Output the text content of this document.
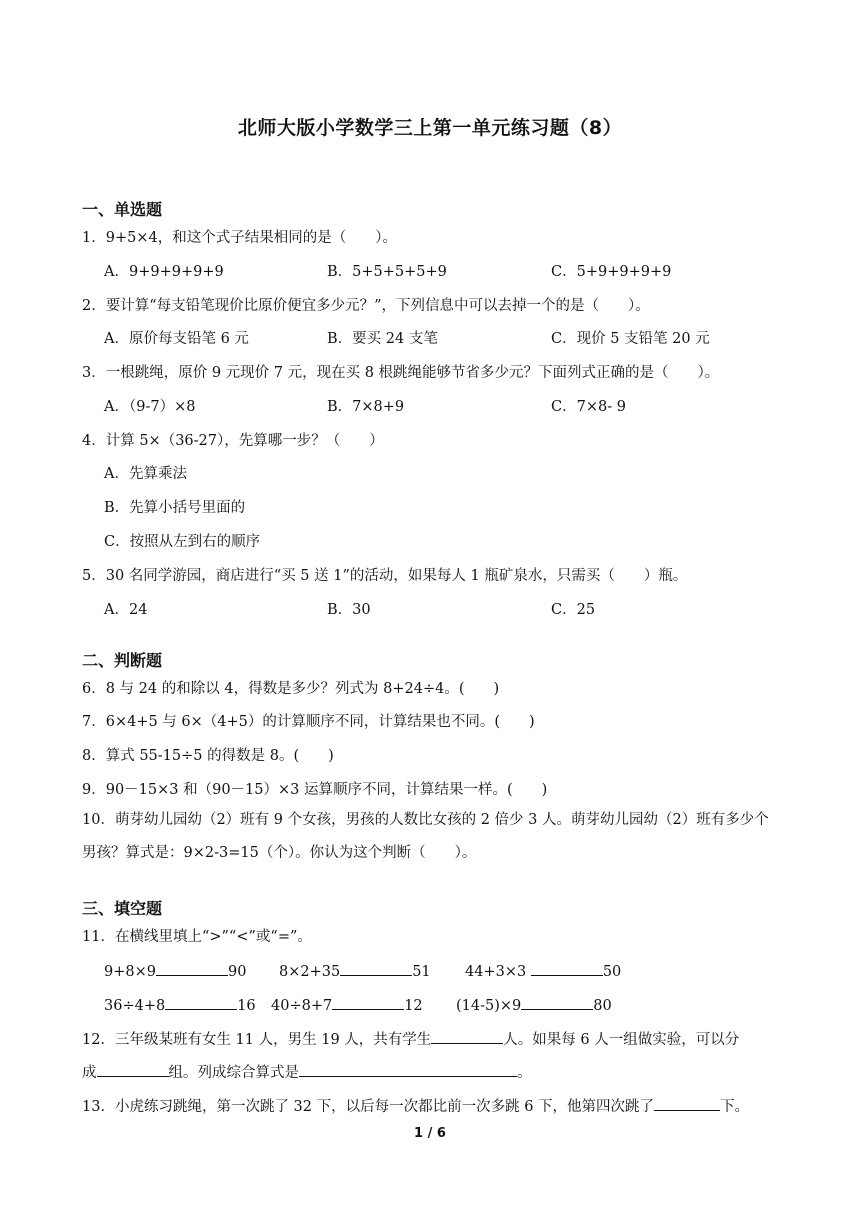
北师大版小学数学三上第一单元练习题（8）
一、单选题
1．9+5×4，和这个式子结果相同的是（　　）。
A．9+9+9+9+9	B．5+5+5+5+9	C．5+9+9+9+9
2．要计算“每支铅笔现价比原价便宜多少元？”，下列信息中可以去掉一个的是（　　）。
A．原价每支铅笔 6 元	B．要买 24 支笔	C．现价 5 支铅笔 20 元
3．一根跳绳，原价 9 元现价 7 元，现在买 8 根跳绳能够节省多少元？下面列式正确的是（　　）。
A．（9-7）×8	B．7×8+9	C．7×8- 9
4．计算 5×（36-27），先算哪一步？（　　）
A．先算乘法
B．先算小括号里面的
C．按照从左到右的顺序
5．30 名同学游园，商店进行“买 5 送 1”的活动，如果每人 1 瓶矿泉水，只需买（　　）瓶。
A．24	B．30	C．25
二、判断题
6．8 与 24 的和除以 4，得数是多少？列式为 8+24÷4。(　　)
7．6×4+5 与 6×（4+5）的计算顺序不同，计算结果也不同。(　　)
8．算式 55-15÷5 的得数是 8。(　　)
9．90－15×3 和（90－15）×3 运算顺序不同，计算结果一样。(　　)
10．萌芽幼儿园幼（2）班有 9 个女孩，男孩的人数比女孩的 2 倍少 3 人。萌芽幼儿园幼（2）班有多少个男孩？算式是：9×2-3=15（个）。你认为这个判断（　　）。
三、填空题
11．在横线里填上“>”“<”或“=”。
9+8×9	90 8×2+35	51 44+3×3	50
36÷4+8	16 40÷8+7	12 (14-5)×9	80
12．三年级某班有女生 11 人，男生 19 人，共有学生	人。如果每 6 人一组做实验，可以分
成	组。列成综合算式是	。
13．小虎练习跳绳，第一次跳了 32 下，以后每一次都比前一次多跳 6 下，他第四次跳了	下。
1 / 6
